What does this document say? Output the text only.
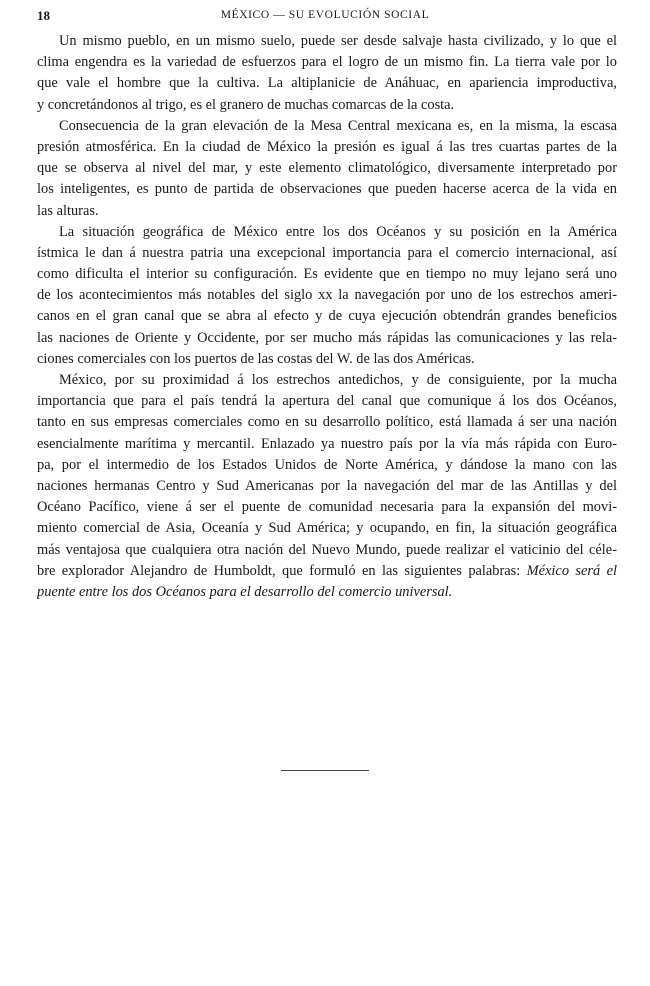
18	MÉXICO — SU EVOLUCIÓN SOCIAL
Un mismo pueblo, en un mismo suelo, puede ser desde salvaje hasta civilizado, y lo que el
clima engendra es la variedad de esfuerzos para el logro de un mismo fin. La tierra vale por lo
que vale el hombre que la cultiva. La altiplanicie de Anáhuac, en apariencia improductiva,
y concretándonos al trigo, es el granero de muchas comarcas de la costa.
Consecuencia de la gran elevación de la Mesa Central mexicana es, en la misma, la escasa
presión atmosférica. En la ciudad de México la presión es igual á las tres cuartas partes de la
que se observa al nivel del mar, y este elemento climatológico, diversamente interpretado por
los inteligentes, es punto de partida de observaciones que pueden hacerse acerca de la vida en
las alturas.
La situación geográfica de México entre los dos Océanos y su posición en la América
ístmica le dan á nuestra patria una excepcional importancia para el comercio internacional, así
como dificulta el interior su configuración. Es evidente que en tiempo no muy lejano será uno
de los acontecimientos más notables del siglo xx la navegación por uno de los estrechos ameri-
canos en el gran canal que se abra al efecto y de cuya ejecución obtendrán grandes beneficios
las naciones de Oriente y Occidente, por ser mucho más rápidas las comunicaciones y las rela-
ciones comerciales con los puertos de las costas del W. de las dos Américas.
México, por su proximidad á los estrechos antedichos, y de consiguiente, por la mucha
importancia que para el país tendrá la apertura del canal que comunique á los dos Océanos,
tanto en sus empresas comerciales como en su desarrollo político, está llamada á ser una nación
esencialmente marítima y mercantil. Enlazado ya nuestro país por la vía más rápida con Euro-
pa, por el intermedio de los Estados Unidos de Norte América, y dándose la mano con las
naciones hermanas Centro y Sud Americanas por la navegación del mar de las Antillas y del
Océano Pacífico, viene á ser el puente de comunidad necesaria para la expansión del movi-
miento comercial de Asia, Oceanía y Sud América; y ocupando, en fin, la situación geográfica
más ventajosa que cualquiera otra nación del Nuevo Mundo, puede realizar el vaticinio del céle-
bre explorador Alejandro de Humboldt, que formuló en las siguientes palabras: México será el
puente entre los dos Océanos para el desarrollo del comercio universal.
